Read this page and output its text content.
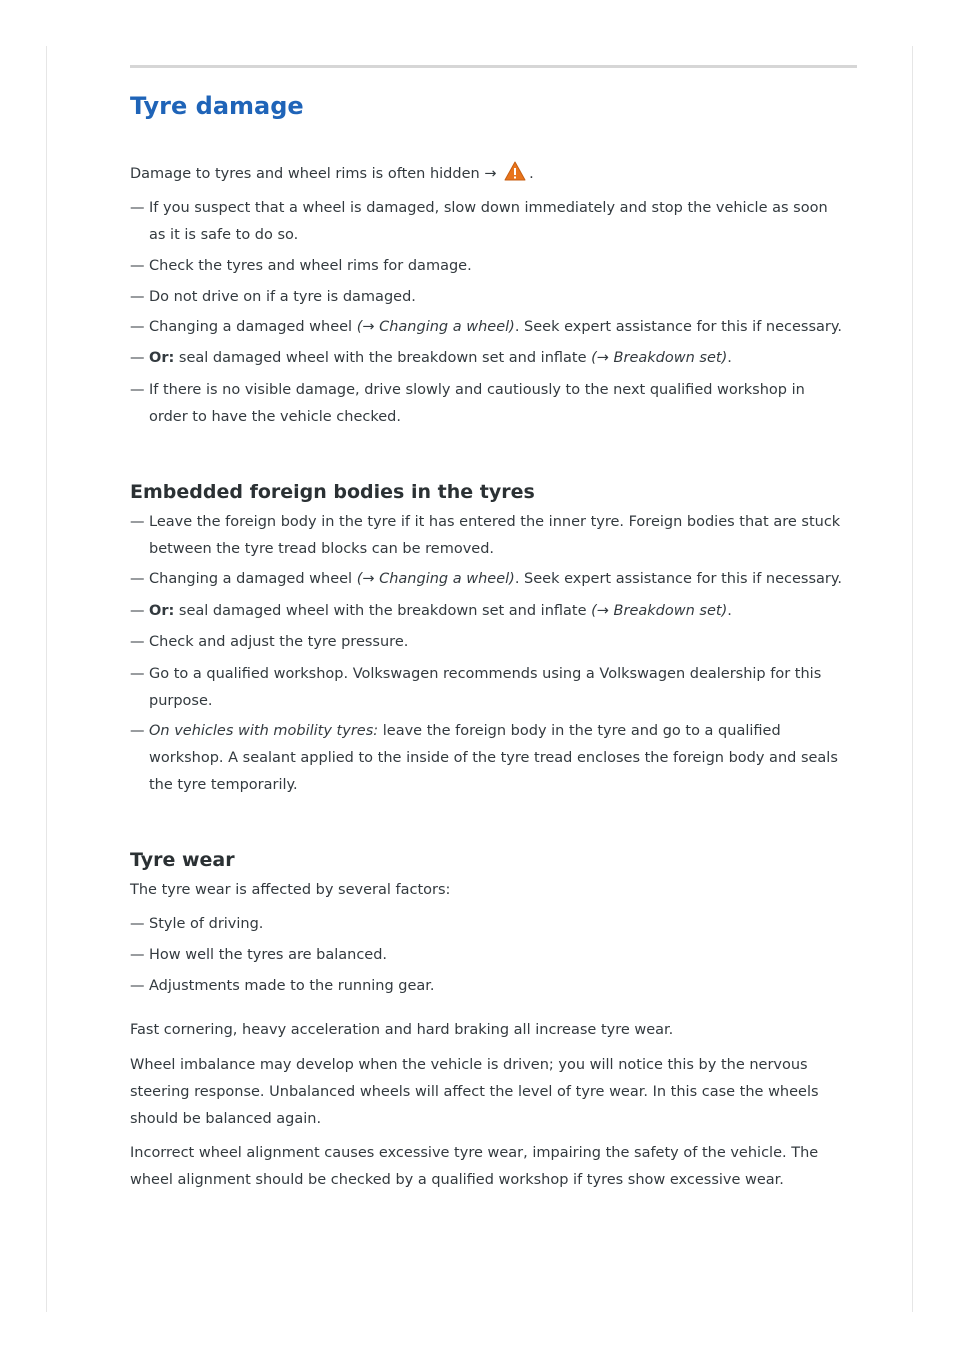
Tyre damage

Damage to tyres and wheel rims is often hidden → .

— If you suspect that a wheel is damaged, slow down immediately and stop the vehicle as soon
as it is safe to do so.
— Check the tyres and wheel rims for damage.
— Do not drive on if a tyre is damaged.
— Changing a damaged wheel (→ Changing a wheel). Seek expert assistance for this if necessary.
— Or: seal damaged wheel with the breakdown set and inflate (→ Breakdown set).
— If there is no visible damage, drive slowly and cautiously to the next qualified workshop in
order to have the vehicle checked.
Embedded foreign bodies in the tyres
— Leave the foreign body in the tyre if it has entered the inner tyre. Foreign bodies that are stuck
between the tyre tread blocks can be removed.
— Changing a damaged wheel (→ Changing a wheel). Seek expert assistance for this if necessary.
— Or: seal damaged wheel with the breakdown set and inflate (→ Breakdown set).
— Check and adjust the tyre pressure.
— Go to a qualified workshop. Volkswagen recommends using a Volkswagen dealership for this
purpose.
— On vehicles with mobility tyres: leave the foreign body in the tyre and go to a qualified
workshop. A sealant applied to the inside of the tyre tread encloses the foreign body and seals
the tyre temporarily.
Tyre wear

The tyre wear is affected by several factors:

— Style of driving.
— How well the tyres are balanced.
— Adjustments made to the running gear.

Fast cornering, heavy acceleration and hard braking all increase tyre wear.

Wheel imbalance may develop when the vehicle is driven; you will notice this by the nervous
steering response. Unbalanced wheels will affect the level of tyre wear. In this case the wheels
should be balanced again.
Incorrect wheel alignment causes excessive tyre wear, impairing the safety of the vehicle. The
wheel alignment should be checked by a qualified workshop if tyres show excessive wear.
